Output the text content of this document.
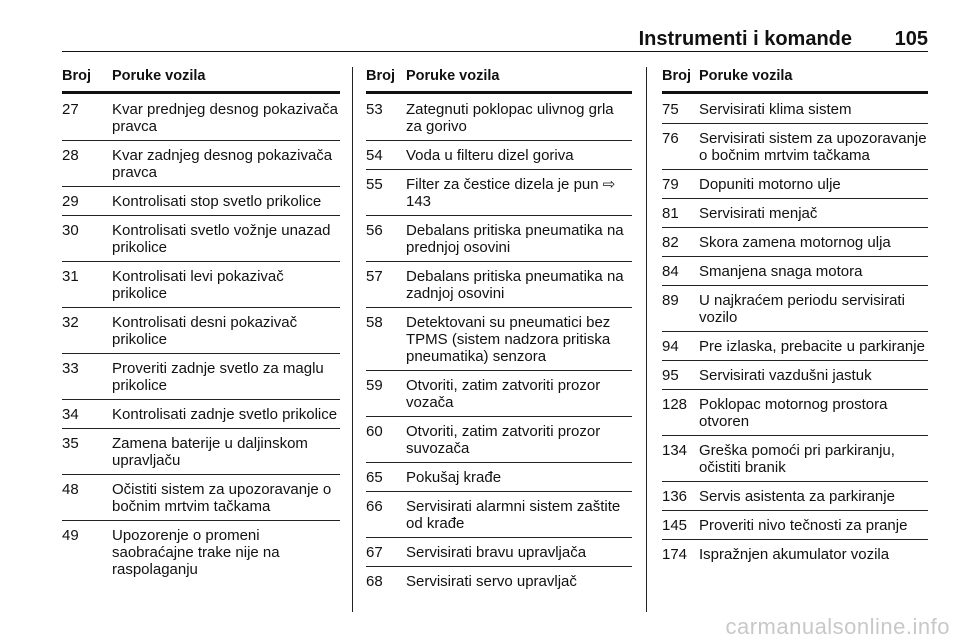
Instrumenti i komande 105
Broj Poruke vozila
27 Kvar prednjeg desnog pokazivača pravca
28 Kvar zadnjeg desnog pokazivača pravca
29 Kontrolisati stop svetlo prikolice
30 Kontrolisati svetlo vožnje unazad prikolice
31 Kontrolisati levi pokazivač prikolice
32 Kontrolisati desni pokazivač prikolice
33 Proveriti zadnje svetlo za maglu prikolice
34 Kontrolisati zadnje svetlo prikolice
35 Zamena baterije u daljinskom upravljaču
48 Očistiti sistem za upozoravanje o bočnim mrtvim tačkama
49 Upozorenje o promeni saobraćajne trake nije na raspolaganju
Broj Poruke vozila
53 Zategnuti poklopac ulivnog grla za gorivo
54 Voda u filteru dizel goriva
55 Filter za čestice dizela je pun ⇨ 143
56 Debalans pritiska pneumatika na prednjoj osovini
57 Debalans pritiska pneumatika na zadnjoj osovini
58 Detektovani su pneumatici bez TPMS (sistem nadzora pritiska pneumatika) senzora
59 Otvoriti, zatim zatvoriti prozor vozača
60 Otvoriti, zatim zatvoriti prozor suvozača
65 Pokušaj krađe
66 Servisirati alarmni sistem zaštite od krađe
67 Servisirati bravu upravljača
68 Servisirati servo upravljač
Broj Poruke vozila
75 Servisirati klima sistem
76 Servisirati sistem za upozoravanje o bočnim mrtvim tačkama
79 Dopuniti motorno ulje
81 Servisirati menjač
82 Skora zamena motornog ulja
84 Smanjena snaga motora
89 U najkraćem periodu servisirati vozilo
94 Pre izlaska, prebacite u parkiranje
95 Servisirati vazdušni jastuk
128 Poklopac motornog prostora otvoren
134 Greška pomoći pri parkiranju, očistiti branik
136 Servis asistenta za parkiranje
145 Proveriti nivo tečnosti za pranje
174 Ispražnjen akumulator vozila
carmanualsonline.info
